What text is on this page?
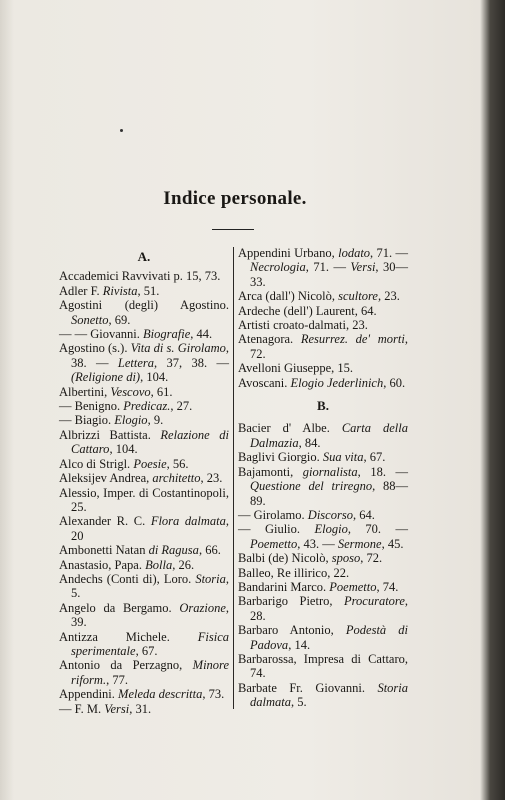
Indice personale.
A.
Accademici Ravvivati p. 15, 73.
Adler F. Rivista, 51.
Agostini (degli) Agostino. Sonetto, 69.
— — Giovanni. Biografie, 44.
Agostino (s.). Vita di s. Girolamo, 38. — Lettera, 37, 38. — (Religione di), 104.
Albertini, Vescovo, 61.
— Benigno. Predicaz., 27.
— Biagio. Elogio, 9.
Albrizzi Battista. Relazione di Cattaro, 104.
Alco di Strigl. Poesie, 56.
Aleksijev Andrea, architetto, 23.
Alessio, Imper. di Costantinopoli, 25.
Alexander R. C. Flora dalmata, 20
Ambonetti Natan di Ragusa, 66.
Anastasio, Papa. Bolla, 26.
Andechs (Conti di), Loro. Storia, 5.
Angelo da Bergamo. Orazione, 39.
Antizza Michele. Fisica sperimentale, 67.
Antonio da Perzagno, Minore riform., 77.
Appendini. Meleda descritta, 73.
— F. M. Versi, 31.
Appendini Urbano, lodato, 71. — Necrologia, 71. — Versi, 30—33.
Arca (dall') Nicolò, scultore, 23.
Ardeche (dell') Laurent, 64.
Artisti croato-dalmati, 23.
Atenagora. Resurrez. de' morti, 72.
Avelloni Giuseppe, 15.
Avoscani. Elogio Jederlinich, 60.
B.
Bacier d' Albe. Carta della Dalmazia, 84.
Baglivi Giorgio. Sua vita, 67.
Bajamonti, giornalista, 18. — Questione del triregno, 88—89.
— Girolamo. Discorso, 64.
— Giulio. Elogio, 70. — Poemetto, 43. — Sermone, 45.
Balbi (de) Nicolò, sposo, 72.
Balleo, Re illirico, 22.
Bandarini Marco. Poemetto, 74.
Barbarigo Pietro, Procuratore, 28.
Barbaro Antonio, Podestà di Padova, 14.
Barbarossa, Impresa di Cattaro, 74.
Barbate Fr. Giovanni. Storia dalmata, 5.
